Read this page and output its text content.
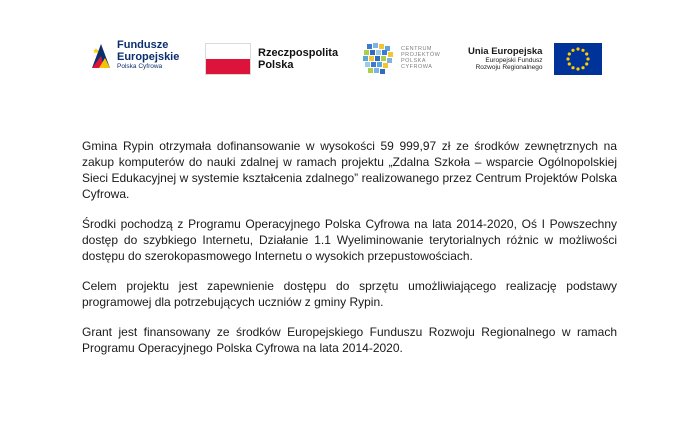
Fundusze
Europejskie
Polska Cyfrowa
Rzeczpospolita
Polska
CENTRUM
PROJEKTÓW
POLSKA
CYFROWA
Unia Europejska
Europejski Fundusz
Rozwoju Regionalnego

Gmina Rypin otrzymała dofinansowanie w wysokości 59 999,97 zł ze środków zewnętrznych na zakup komputerów do nauki zdalnej w ramach projektu „Zdalna Szkoła – wsparcie Ogólnopolskiej Sieci Edukacyjnej w systemie kształcenia zdalnego” realizowanego przez Centrum Projektów Polska Cyfrowa.

Środki pochodzą z Programu Operacyjnego Polska Cyfrowa na lata 2014-2020, Oś I Powszechny dostęp do szybkiego Internetu, Działanie 1.1 Wyeliminowanie terytorialnych różnic w możliwości dostępu do szerokopasmowego Internetu o wysokich przepustowościach.

Celem projektu jest zapewnienie dostępu do sprzętu umożliwiającego realizację podstawy programowej dla potrzebujących uczniów z gminy Rypin.

Grant jest finansowany ze środków Europejskiego Funduszu Rozwoju Regionalnego w ramach Programu Operacyjnego Polska Cyfrowa na lata 2014-2020.
